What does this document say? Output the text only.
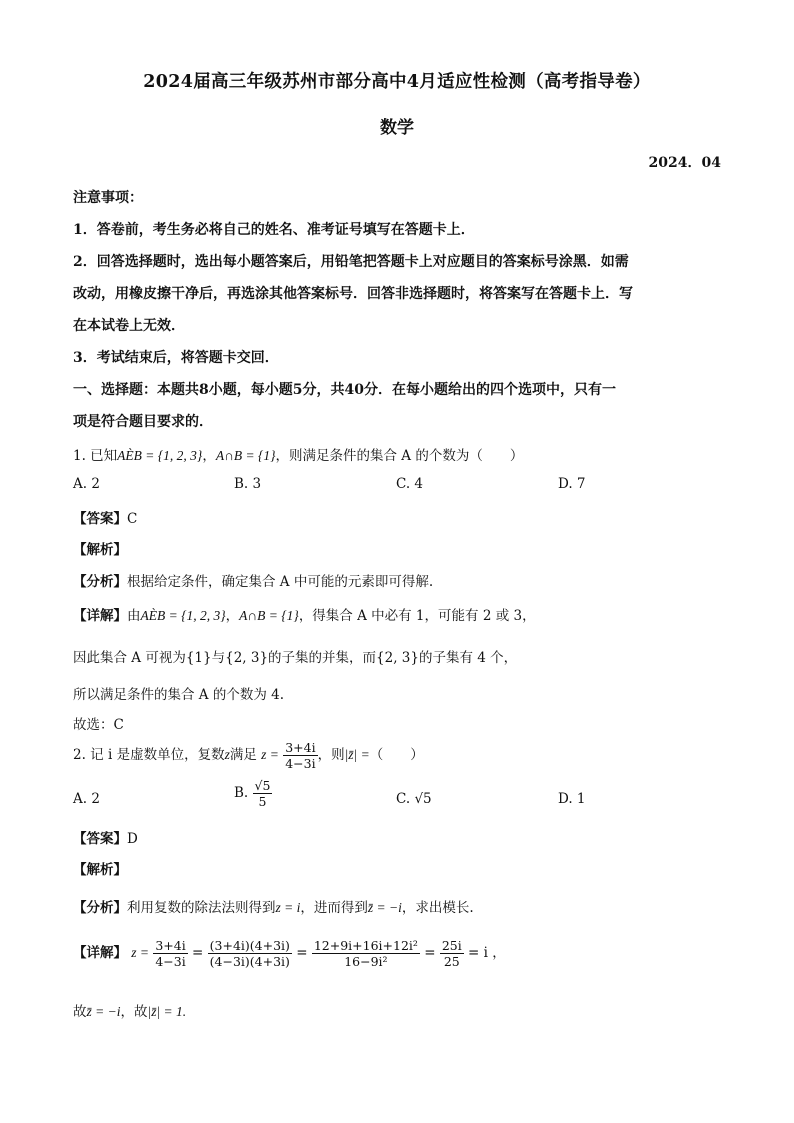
2024届高三年级苏州市部分高中4月适应性检测（高考指导卷）
数学
2024．04
注意事项：
1．答卷前，考生务必将自己的姓名、准考证号填写在答题卡上．
2．回答选择题时，选出每小题答案后，用铅笔把答题卡上对应题目的答案标号涂黑．如需
改动，用橡皮擦干净后，再选涂其他答案标号．回答非选择题时，将答案写在答题卡上．写
在本试卷上无效．
3．考试结束后，将答题卡交回．
一、选择题：本题共8小题，每小题5分，共40分．在每小题给出的四个选项中，只有一
项是符合题目要求的．
1. 已知AÈB = {1, 2, 3}，A∩B = {1}，则满足条件的集合 A 的个数为（　　）
A. 2	B. 3	C. 4	D. 7
【答案】C
【解析】
【分析】根据给定条件，确定集合 A 中可能的元素即可得解.
【详解】由AÈB = {1, 2, 3}，A∩B = {1}，得集合 A 中必有 1，可能有 2 或 3，
因此集合 A 可视为{1}与{2, 3}的子集的并集，而{2, 3}的子集有 4 个，
所以满足条件的集合 A 的个数为 4.
故选：C
2. 记 i 是虚数单位，复数z满足 $z = \frac{3+4i}{4-3i}$ ，则|z̄| =（　　）
A. 2	B. $\frac{√5}{5}$	C. √5	D. 1
【答案】D
【解析】
【分析】利用复数的除法法则得到z = i，进而得到z̄ = −i，求出模长.
【详解】 $z = \frac{3+4i}{4-3i} = \frac{(3+4i)(4+3i)}{(4-3i)(4+3i)} = \frac{\text{12+9i+16i+12i²}}{\text{16−9i²}} = \frac{25i}{25} = i$ ，
故z̄ = −i，故|z̄| = 1.
